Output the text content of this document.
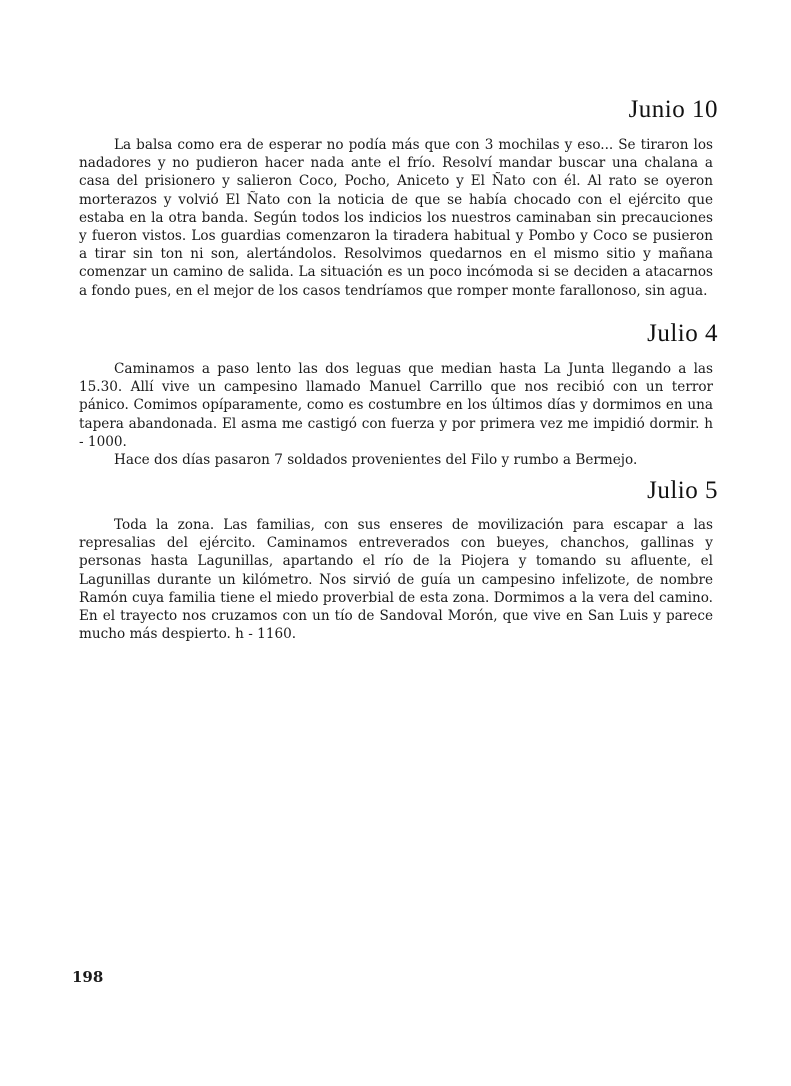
Junio 10

La balsa como era de esperar no podía más que con 3 mochilas y eso... Se tiraron los nadadores y no pudieron hacer nada ante el frío. Resolví mandar buscar una chalana a casa del prisionero y salieron Coco, Pocho, Aniceto y El Ñato con él. Al rato se oyeron morterazos y volvió El Ñato con la noticia de que se había chocado con el ejército que estaba en la otra banda. Según todos los indicios los nuestros caminaban sin precauciones y fueron vistos. Los guardias comenzaron la tiradera habitual y Pombo y Coco se pusieron a tirar sin ton ni son, alertándolos. Resolvimos quedarnos en el mismo sitio y mañana comenzar un camino de salida. La situación es un poco incómoda si se deciden a atacarnos a fondo pues, en el mejor de los casos tendríamos que romper monte farallonoso, sin agua.

Julio 4

Caminamos a paso lento las dos leguas que median hasta La Junta llegando a las 15.30. Allí vive un campesino llamado Manuel Carrillo que nos recibió con un terror pánico. Comimos opíparamente, como es costumbre en los últimos días y dormimos en una tapera abandonada. El asma me castigó con fuerza y por primera vez me impidió dormir. h - 1000.

Hace dos días pasaron 7 soldados provenientes del Filo y rumbo a Bermejo.

Julio 5

Toda la zona. Las familias, con sus enseres de movilización para escapar a las represalias del ejército. Caminamos entreverados con bueyes, chanchos, gallinas y personas hasta Lagunillas, apartando el río de la Piojera y tomando su afluente, el Lagunillas durante un kilómetro. Nos sirvió de guía un campesino infelizote, de nombre Ramón cuya familia tiene el miedo proverbial de esta zona. Dormimos a la vera del camino. En el trayecto nos cruzamos con un tío de Sandoval Morón, que vive en San Luis y parece mucho más despierto. h - 1160.

198
